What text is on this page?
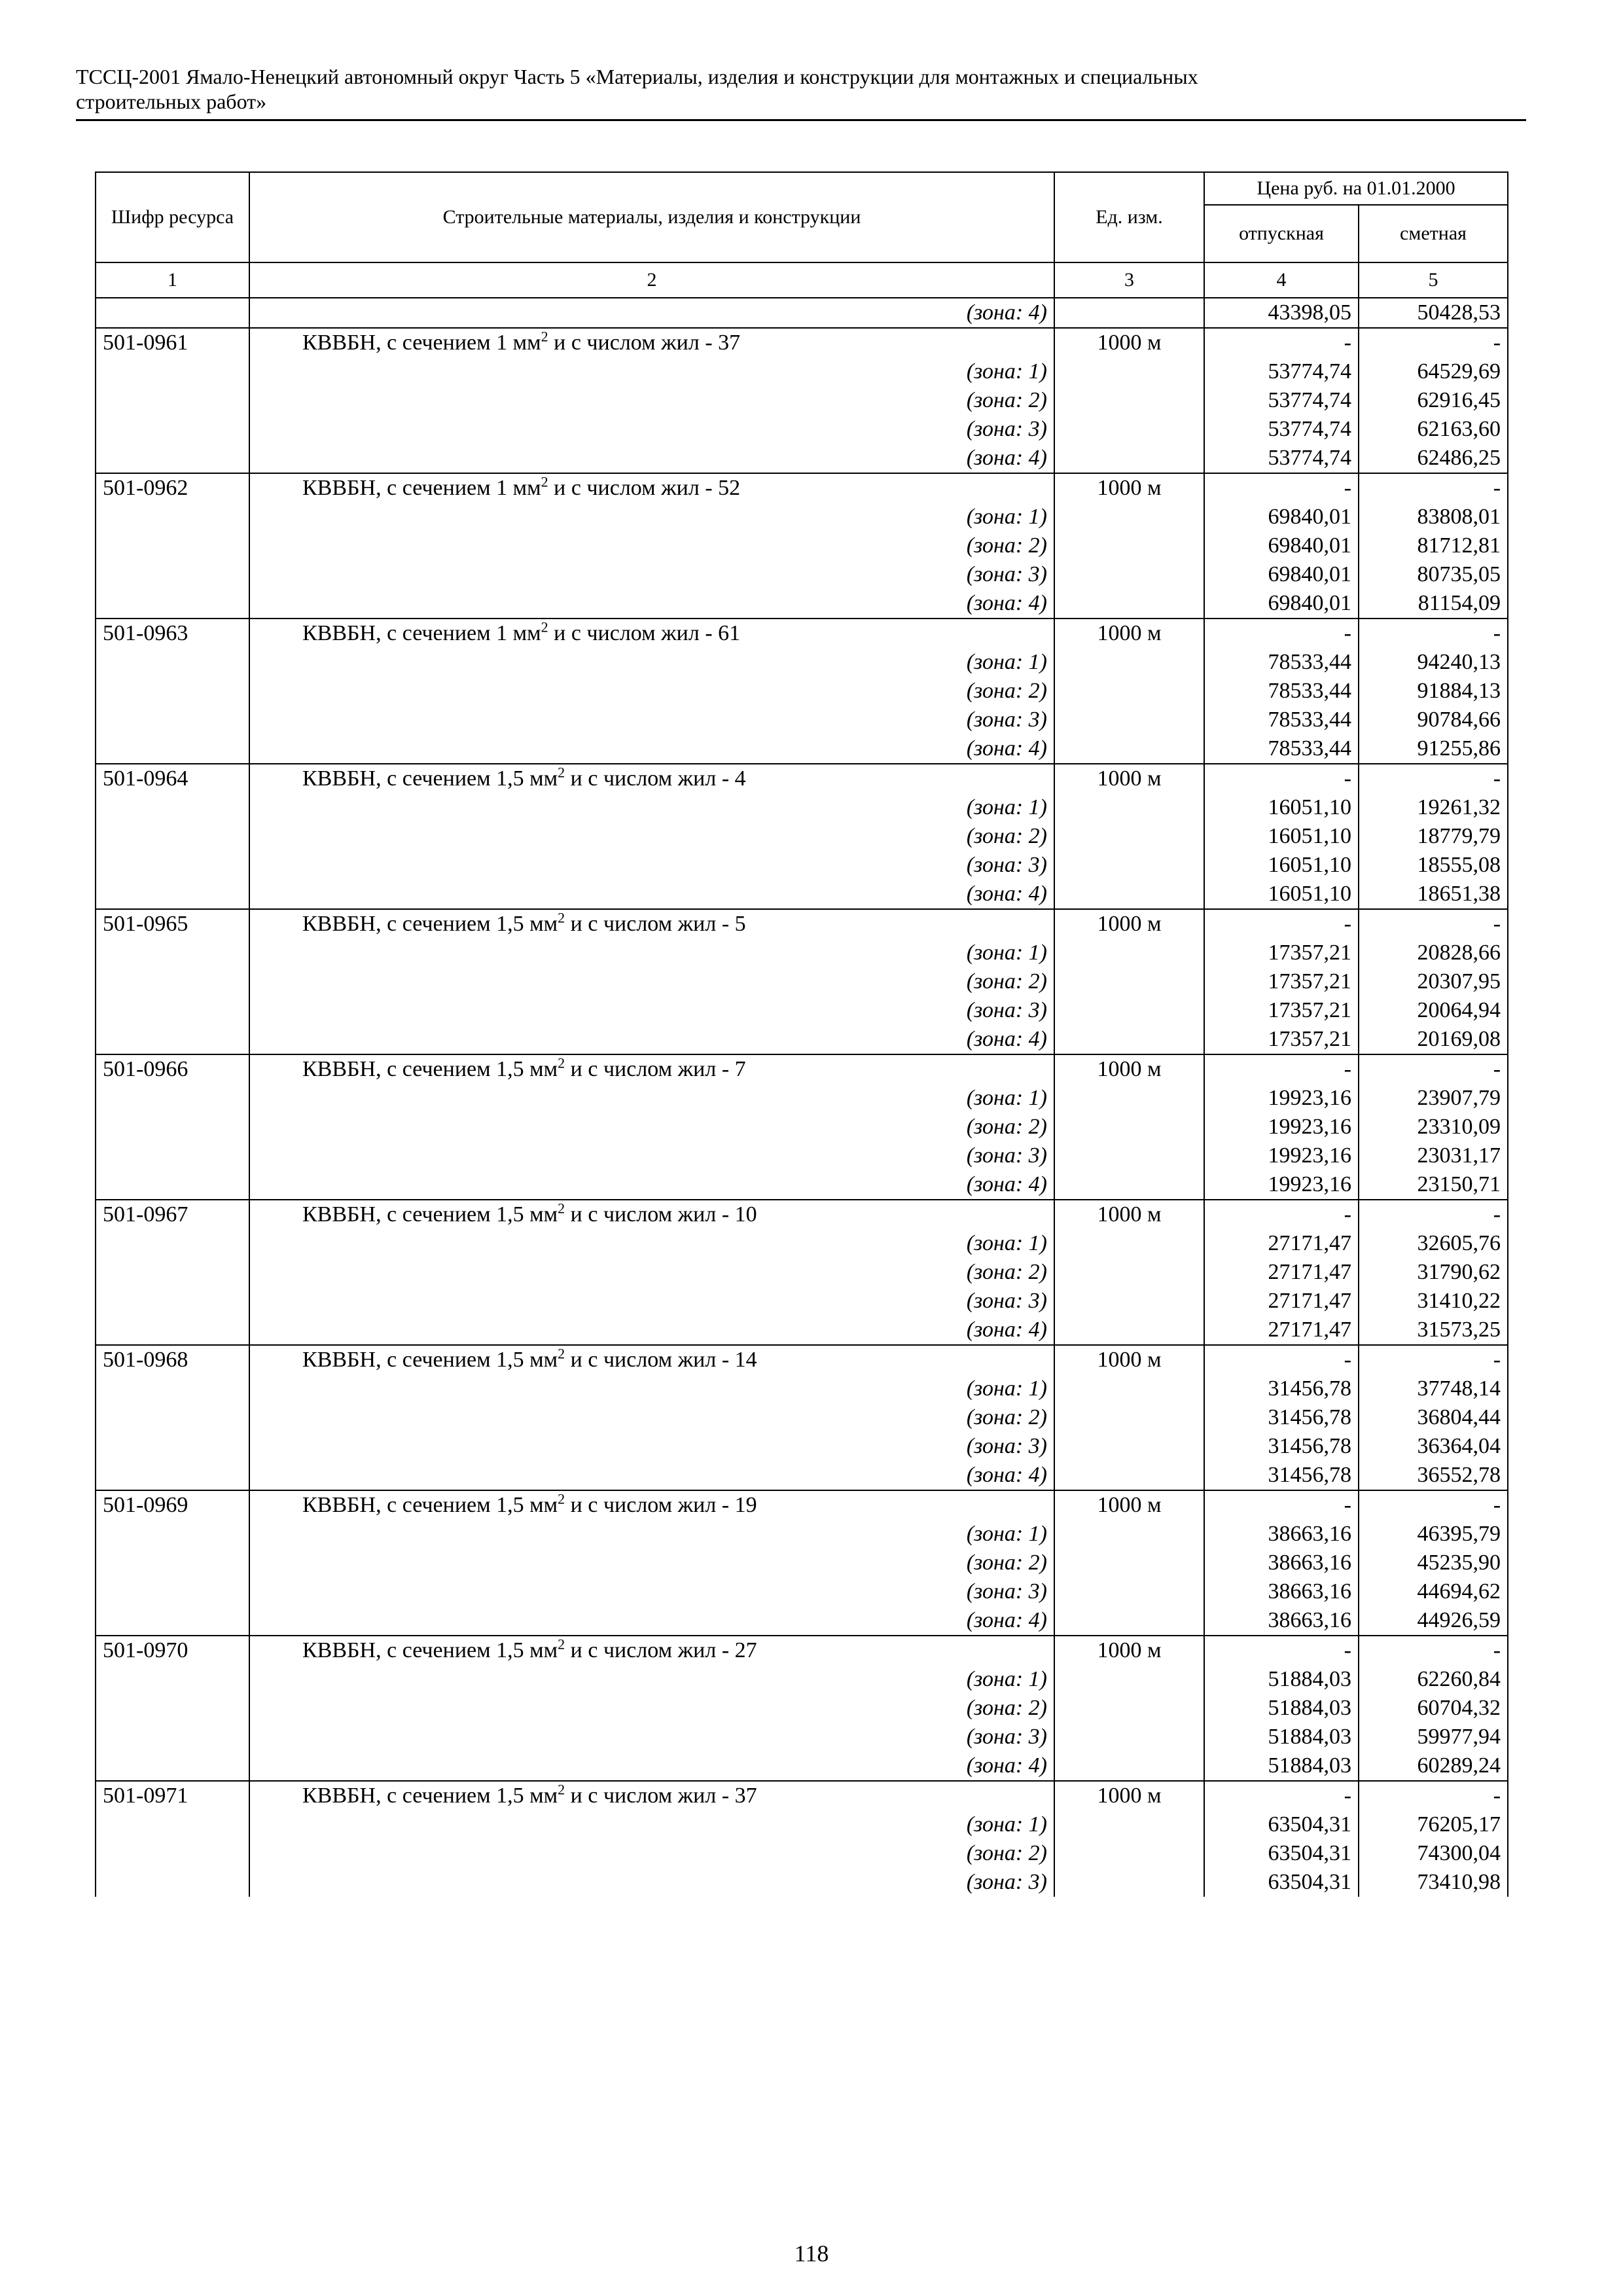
ТССЦ-2001 Ямало-Ненецкий автономный округ Часть 5 «Материалы, изделия и конструкции для монтажных и специальных
строительных работ»
Шифр ресурса	Строительные материалы, изделия и конструкции	Ед. изм.	Цена руб. на 01.01.2000	
			отпускная	сметная
1	2	3	4	5
	(зона: 4)		43398,05	50428,53
501-0961	КВВБН, с сечением 1 $мм^2$ и с числом жил - 37	1000 м	-	-
	(зона: 1)		53774,74	64529,69
	(зона: 2)		53774,74	62916,45
	(зона: 3)		53774,74	62163,60
	(зона: 4)		53774,74	62486,25
501-0962	КВВБН, с сечением 1 $мм^2$ и с числом жил - 52	1000 м	-	-
	(зона: 1)		69840,01	83808,01
	(зона: 2)		69840,01	81712,81
	(зона: 3)		69840,01	80735,05
	(зона: 4)		69840,01	81154,09
501-0963	КВВБН, с сечением 1 $мм^2$ и с числом жил - 61	1000 м	-	-
	(зона: 1)		78533,44	94240,13
	(зона: 2)		78533,44	91884,13
	(зона: 3)		78533,44	90784,66
	(зона: 4)		78533,44	91255,86
501-0964	КВВБН, с сечением 1,5 $мм^2$ и с числом жил - 4	1000 м	-	-
	(зона: 1)		16051,10	19261,32
	(зона: 2)		16051,10	18779,79
	(зона: 3)		16051,10	18555,08
	(зона: 4)		16051,10	18651,38
501-0965	КВВБН, с сечением 1,5 $мм^2$ и с числом жил - 5	1000 м	-	-
	(зона: 1)		17357,21	20828,66
	(зона: 2)		17357,21	20307,95
	(зона: 3)		17357,21	20064,94
	(зона: 4)		17357,21	20169,08
501-0966	КВВБН, с сечением 1,5 $мм^2$ и с числом жил - 7	1000 м	-	-
	(зона: 1)		19923,16	23907,79
	(зона: 2)		19923,16	23310,09
	(зона: 3)		19923,16	23031,17
	(зона: 4)		19923,16	23150,71
501-0967	КВВБН, с сечением 1,5 $мм^2$ и с числом жил - 10	1000 м	-	-
	(зона: 1)		27171,47	32605,76
	(зона: 2)		27171,47	31790,62
	(зона: 3)		27171,47	31410,22
	(зона: 4)		27171,47	31573,25
501-0968	КВВБН, с сечением 1,5 $мм^2$ и с числом жил - 14	1000 м	-	-
	(зона: 1)		31456,78	37748,14
	(зона: 2)		31456,78	36804,44
	(зона: 3)		31456,78	36364,04
	(зона: 4)		31456,78	36552,78
501-0969	КВВБН, с сечением 1,5 $мм^2$ и с числом жил - 19	1000 м	-	-
	(зона: 1)		38663,16	46395,79
	(зона: 2)		38663,16	45235,90
	(зона: 3)		38663,16	44694,62
	(зона: 4)		38663,16	44926,59
501-0970	КВВБН, с сечением 1,5 $мм^2$ и с числом жил - 27	1000 м	-	-
	(зона: 1)		51884,03	62260,84
	(зона: 2)		51884,03	60704,32
	(зона: 3)		51884,03	59977,94
	(зона: 4)		51884,03	60289,24
501-0971	КВВБН, с сечением 1,5 $мм^2$ и с числом жил - 37	1000 м	-	-
	(зона: 1)		63504,31	76205,17
	(зона: 2)		63504,31	74300,04
	(зона: 3)		63504,31	73410,98
118
